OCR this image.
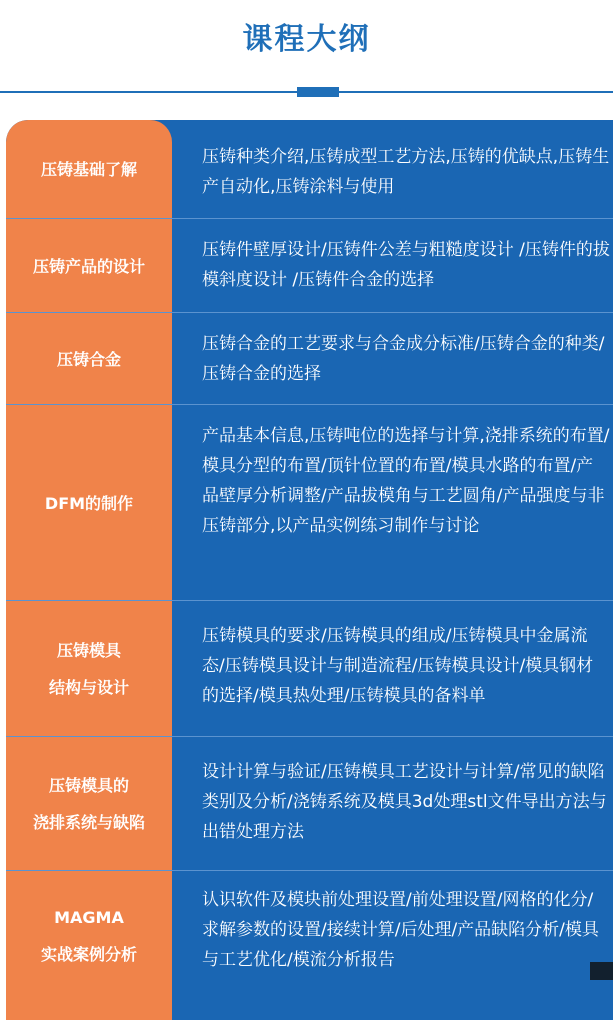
课程大纲
压铸基础了解
压铸种类介绍,压铸成型工艺方法,压铸的优缺点,压铸生产自动化,压铸涂料与使用
压铸产品的设计
压铸件壁厚设计/压铸件公差与粗糙度设计 /压铸件的拔模斜度设计 /压铸件合金的选择
压铸合金
压铸合金的工艺要求与合金成分标准/压铸合金的种类/压铸合金的选择
DFM的制作
产品基本信息,压铸吨位的选择与计算,浇排系统的布置/模具分型的布置/顶针位置的布置/模具水路的布置/产品壁厚分析调整/产品拔模角与工艺圆角/产品强度与非压铸部分,以产品实例练习制作与讨论
压铸模具
结构与设计
压铸模具的要求/压铸模具的组成/压铸模具中金属流态/压铸模具设计与制造流程/压铸模具设计/模具钢材的选择/模具热处理/压铸模具的备料单
压铸模具的
浇排系统与缺陷
设计计算与验证/压铸模具工艺设计与计算/常见的缺陷类别及分析/浇铸系统及模具3d处理stl文件导出方法与出错处理方法
MAGMA
实战案例分析
认识软件及模块前处理设置/前处理设置/网格的化分/求解参数的设置/接续计算/后处理/产品缺陷分析/模具与工艺优化/模流分析报告
